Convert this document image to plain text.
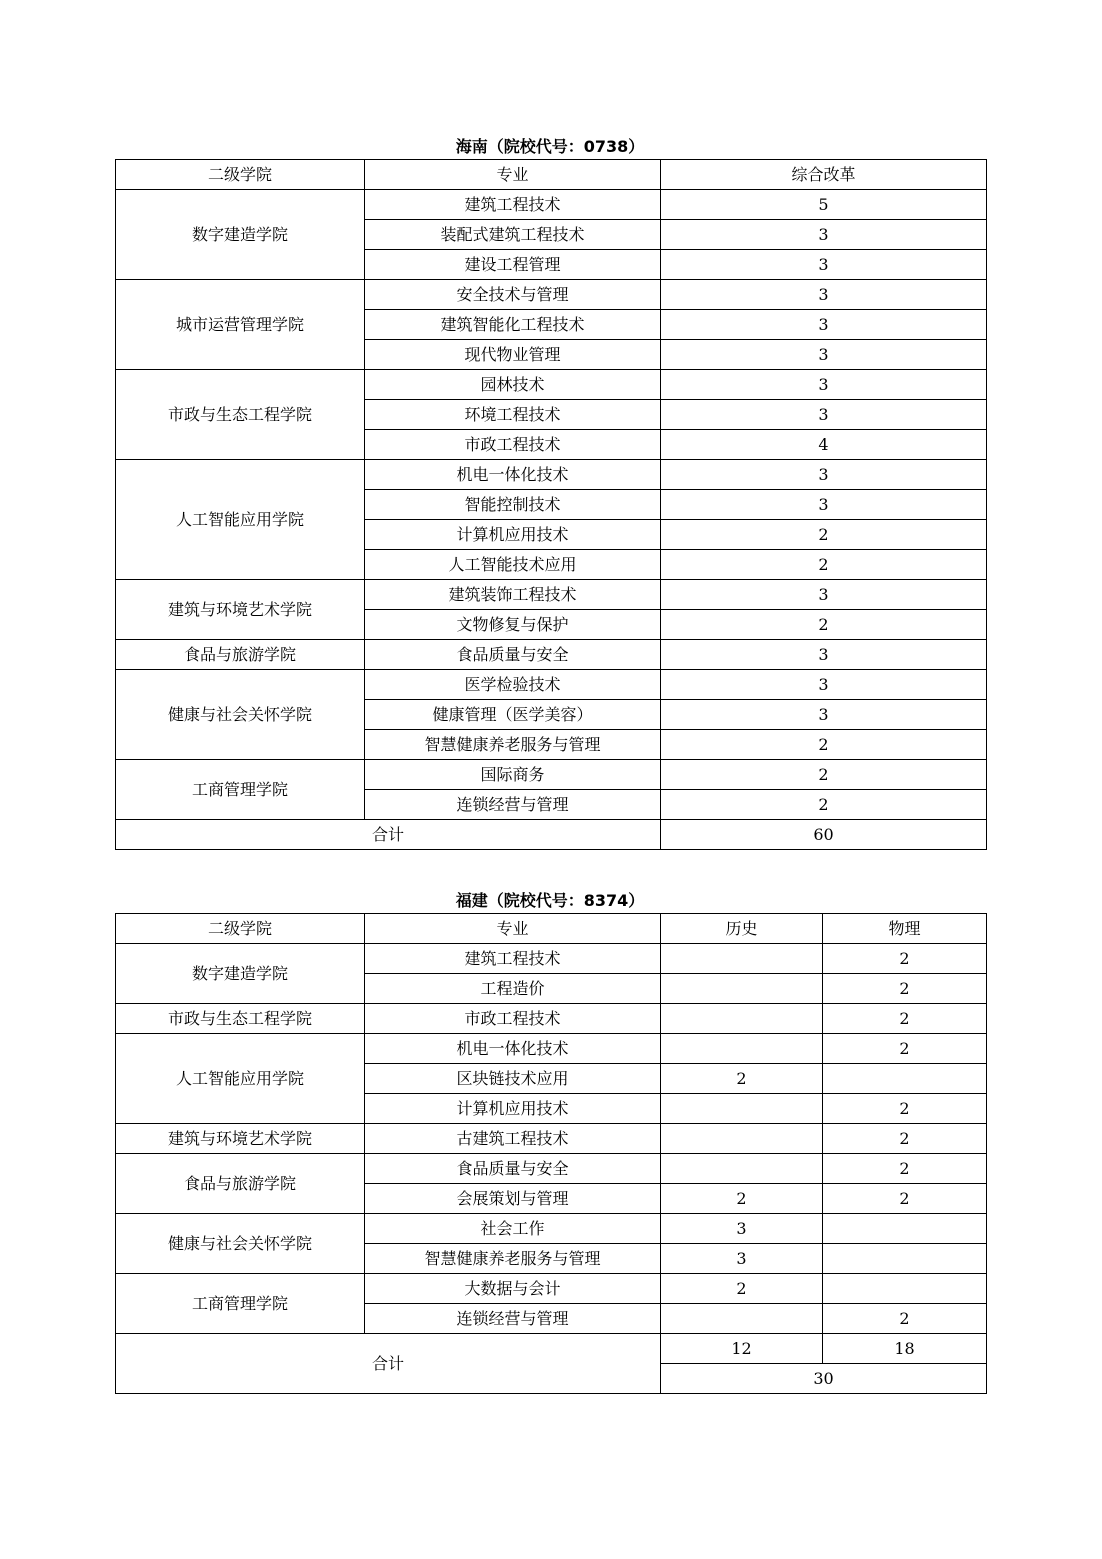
海南（院校代号：0738）
二级学院	专业	综合改革
数字建造学院	建筑工程技术	5
	装配式建筑工程技术	3
	建设工程管理	3
城市运营管理学院	安全技术与管理	3
	建筑智能化工程技术	3
	现代物业管理	3
市政与生态工程学院	园林技术	3
	环境工程技术	3
	市政工程技术	4
人工智能应用学院	机电一体化技术	3
	智能控制技术	3
	计算机应用技术	2
	人工智能技术应用	2
建筑与环境艺术学院	建筑装饰工程技术	3
	文物修复与保护	2
食品与旅游学院	食品质量与安全	3
健康与社会关怀学院	医学检验技术	3
	健康管理（医学美容）	3
	智慧健康养老服务与管理	2
工商管理学院	国际商务	2
	连锁经营与管理	2
合计		60
福建（院校代号：8374）
二级学院	专业	历史	物理
数字建造学院	建筑工程技术		2
	工程造价		2
市政与生态工程学院	市政工程技术		2
人工智能应用学院	机电一体化技术		2
	区块链技术应用	2	
	计算机应用技术		2
建筑与环境艺术学院	古建筑工程技术		2
食品与旅游学院	食品质量与安全		2
	会展策划与管理	2	2
健康与社会关怀学院	社会工作	3	
	智慧健康养老服务与管理	3	
工商管理学院	大数据与会计	2	
	连锁经营与管理		2
合计		12	18
		30	
